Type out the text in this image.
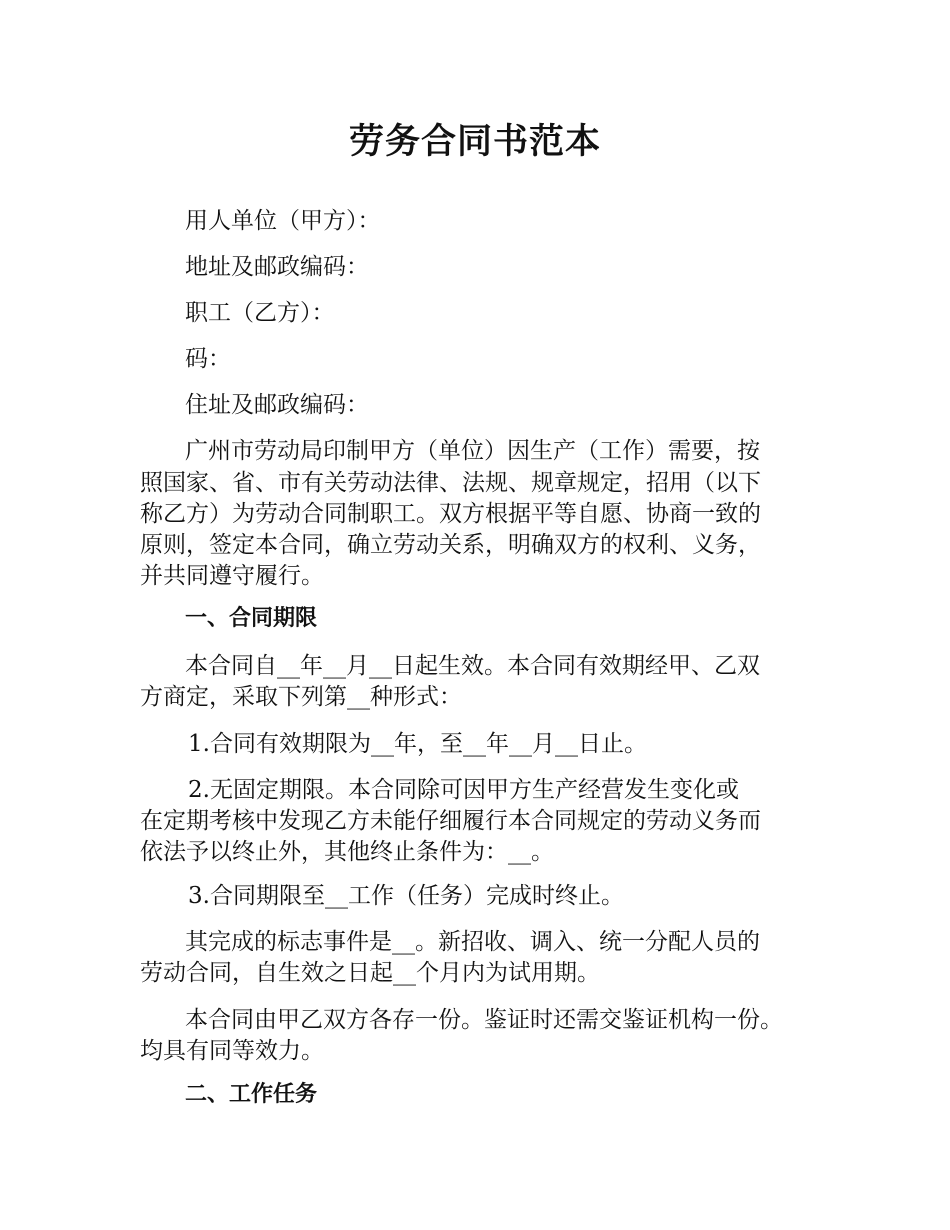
劳务合同书范本
用人单位（甲方）：
地址及邮政编码：
职工（乙方）：
码：
住址及邮政编码：
广州市劳动局印制甲方（单位）因生产（工作）需要，按
照国家、省、市有关劳动法律、法规、规章规定，招用（以下
称乙方）为劳动合同制职工。双方根据平等自愿、协商一致的
原则，签定本合同，确立劳动关系，明确双方的权利、义务，
并共同遵守履行。
一、合同期限
本合同自__年__月__日起生效。本合同有效期经甲、乙双
方商定，采取下列第__种形式：
1.合同有效期限为__年，至__年__月__日止。
2.无固定期限。本合同除可因甲方生产经营发生变化或
在定期考核中发现乙方未能仔细履行本合同规定的劳动义务而
依法予以终止外，其他终止条件为：__。
3.合同期限至__工作（任务）完成时终止。
其完成的标志事件是__。新招收、调入、统一分配人员的
劳动合同，自生效之日起__个月内为试用期。
本合同由甲乙双方各存一份。鉴证时还需交鉴证机构一份。
均具有同等效力。
二、工作任务
